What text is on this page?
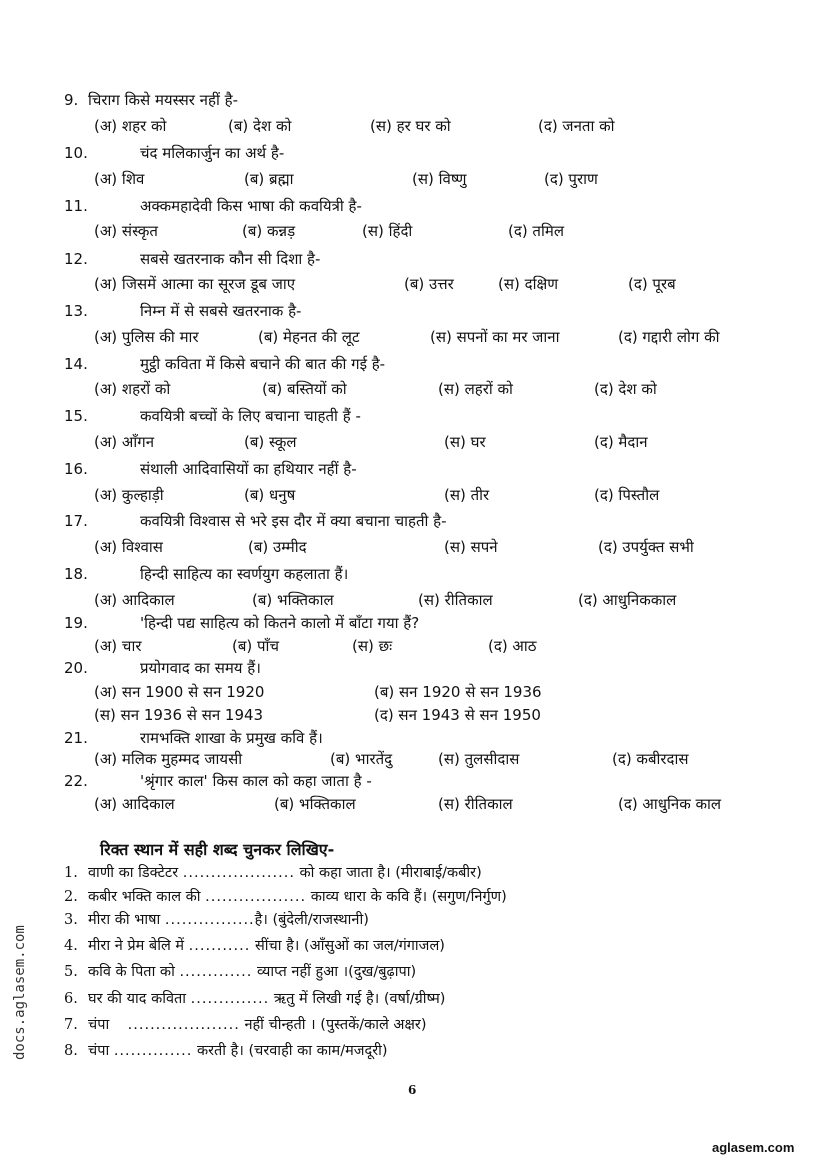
9. चिराग किसे मयस्सर नहीं है-
(अ) शहर को	(ब) देश को	(स) हर घर को	(द) जनता को
10.	चंद मलिकार्जुन का अर्थ है-
(अ) शिव	(ब) ब्रह्मा	(स) विष्णु	(द) पुराण
11.	अक्कमहादेवी किस भाषा की कवयित्री है-
(अ) संस्कृत	(ब) कन्नड़	(स) हिंदी	(द) तमिल
12.	सबसे खतरनाक कौन सी दिशा है-
(अ) जिसमें आत्मा का सूरज डूब जाए	(ब) उत्तर	(स) दक्षिण	(द) पूरब
13.	निम्न में से सबसे खतरनाक है-
(अ) पुलिस की मार	(ब) मेहनत की लूट	(स) सपनों का मर जाना	(द) गद्दारी लोग की
14.	मुट्ठी कविता में किसे बचाने की बात की गई है-
(अ) शहरों को	(ब) बस्तियों को	(स) लहरों को	(द) देश को
15.	कवयित्री बच्चों के लिए बचाना चाहती हैं -
(अ) आँगन	(ब) स्कूल	(स) घर	(द) मैदान
16.	संथाली आदिवासियों का हथियार नहीं है-
(अ) कुल्हाड़ी	(ब) धनुष	(स) तीर	(द) पिस्तौल
17.	कवयित्री विश्वास से भरे इस दौर में क्या बचाना चाहती है-
(अ) विश्वास	(ब) उम्मीद	(स) सपने	(द) उपर्युक्त सभी
18.	हिन्दी साहित्य का स्वर्णयुग कहलाता हैं।
(अ) आदिकाल	(ब) भक्तिकाल	(स) रीतिकाल	(द) आधुनिककाल
19.	'हिन्दी पद्य साहित्य को कितने कालो में बाँटा गया हैं?
(अ) चार	(ब) पाँच	(स) छः	(द) आठ
20.	प्रयोगवाद का समय हैं।
(अ) सन 1900 से सन 1920	(ब) सन 1920 से सन 1936
(स) सन 1936 से सन 1943	(द) सन 1943 से सन 1950
21.	रामभक्ति शाखा के प्रमुख कवि हैं।
(अ) मलिक मुहम्मद जायसी	(ब) भारतेंदु	(स) तुलसीदास	(द) कबीरदास
22.	'श्रृंगार काल' किस काल को कहा जाता है -
(अ) आदिकाल	(ब) भक्तिकाल	(स) रीतिकाल	(द) आधुनिक काल
रिक्त स्थान में सही शब्द चुनकर लिखिए-
1. वाणी का डिक्टेटर .................... को कहा जाता है। (मीराबाई/कबीर)
2. कबीर भक्ति काल की .................. काव्य धारा के कवि हैं। (सगुण/निर्गुण)
3. मीरा की भाषा ................है। (बुंदेली/राजस्थानी)
4. मीरा ने प्रेम बेलि में ........... सींचा है। (आँसुओं का जल/गंगाजल)
5. कवि के पिता को ............. व्याप्त नहीं हुआ ।(दुख/बुढ़ापा)
6. घर की याद कविता .............. ऋतु में लिखी गई है। (वर्षा/ग्रीष्म)
7. चंपा .................... नहीं चीन्हती । (पुस्तकें/काले अक्षर)
8. चंपा .............. करती है। (चरवाही का काम/मजदूरी)
6
docs.aglasem.com
aglasem.com
